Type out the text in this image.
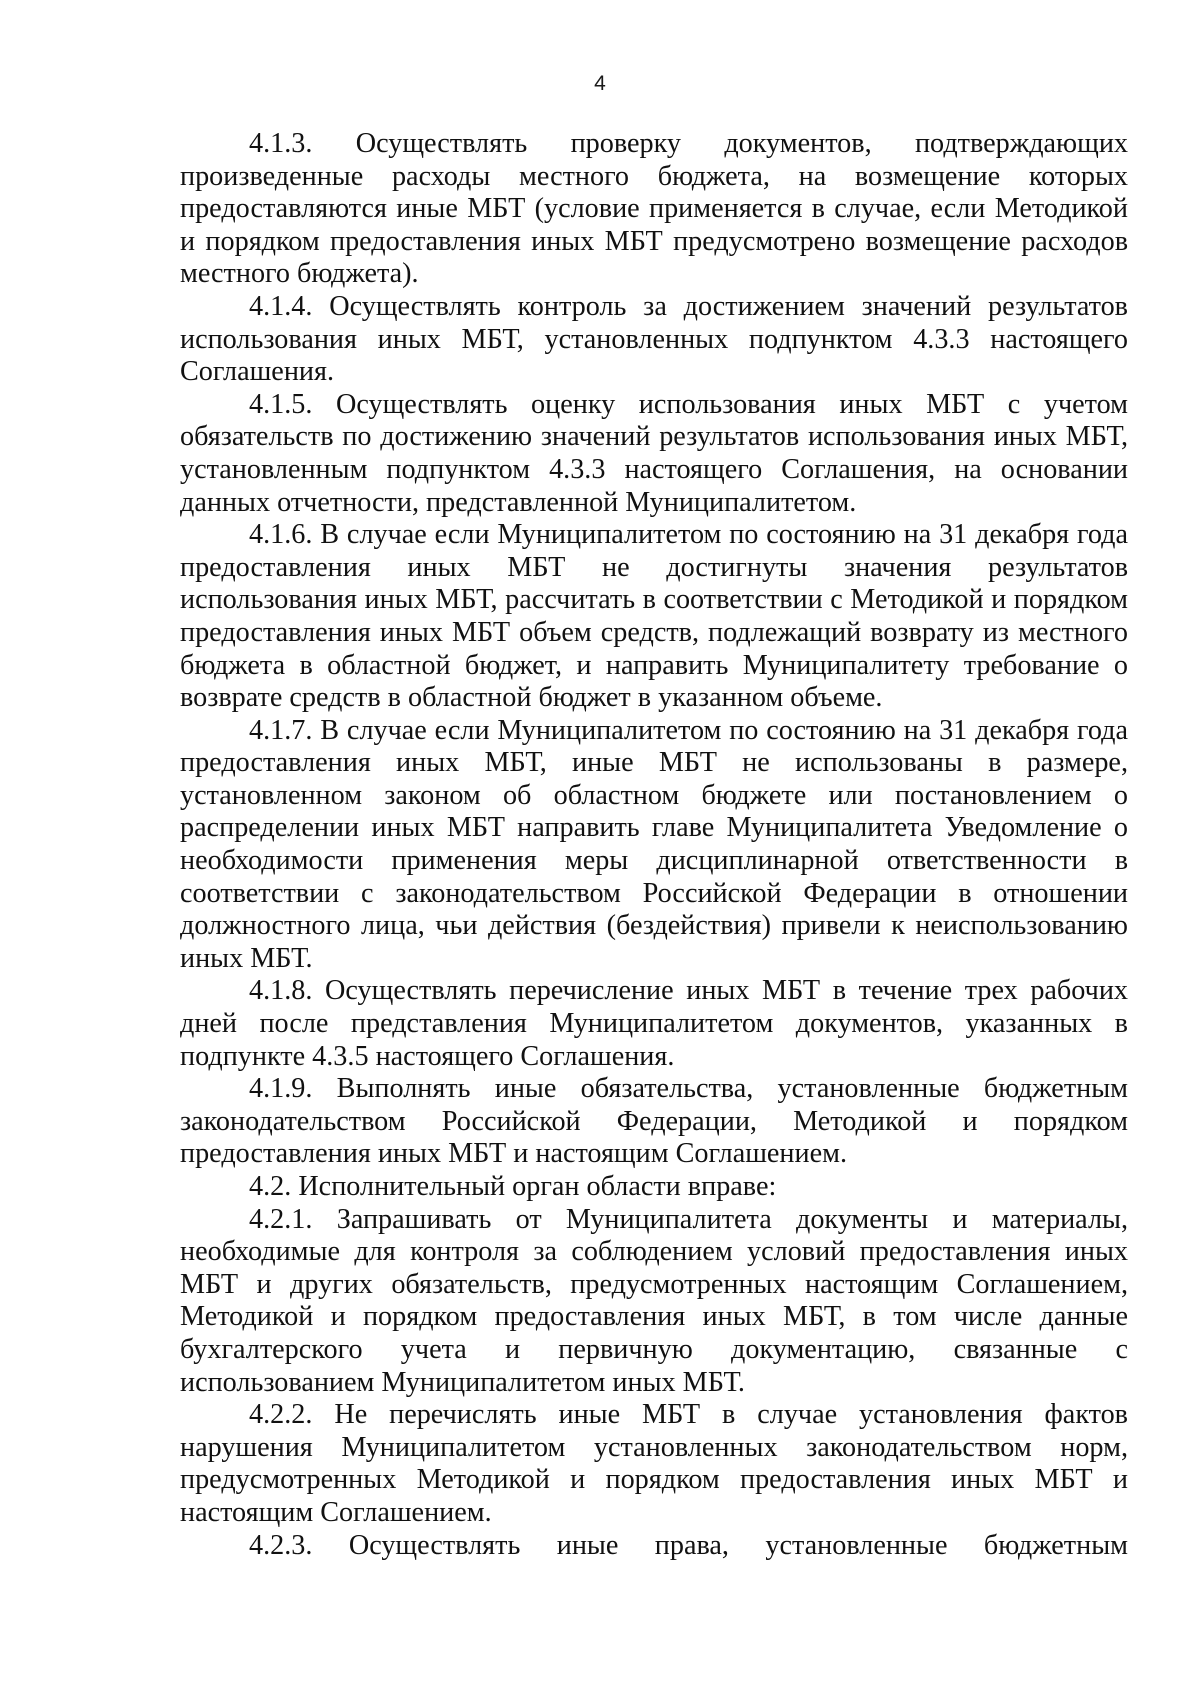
4

4.1.3. Осуществлять проверку документов, подтверждающих произведенные расходы местного бюджета, на возмещение которых предоставляются иные МБТ (условие применяется в случае, если Методикой и порядком предоставления иных МБТ предусмотрено возмещение расходов местного бюджета).

4.1.4. Осуществлять контроль за достижением значений результатов использования иных МБТ, установленных подпунктом 4.3.3 настоящего Соглашения.

4.1.5. Осуществлять оценку использования иных МБТ с учетом обязательств по достижению значений результатов использования иных МБТ, установленным подпунктом 4.3.3 настоящего Соглашения, на основании данных отчетности, представленной Муниципалитетом.

4.1.6. В случае если Муниципалитетом по состоянию на 31 декабря года предоставления иных МБТ не достигнуты значения результатов использования иных МБТ, рассчитать в соответствии с Методикой и порядком предоставления иных МБТ объем средств, подлежащий возврату из местного бюджета в областной бюджет, и направить Муниципалитету требование о возврате средств в областной бюджет в указанном объеме.

4.1.7. В случае если Муниципалитетом по состоянию на 31 декабря года предоставления иных МБТ, иные МБТ не использованы в размере, установленном законом об областном бюджете или постановлением о распределении иных МБТ направить главе Муниципалитета Уведомление о необходимости применения меры дисциплинарной ответственности в соответствии с законодательством Российской Федерации в отношении должностного лица, чьи действия (бездействия) привели к неиспользованию иных МБТ.

4.1.8. Осуществлять перечисление иных МБТ в течение трех рабочих дней после представления Муниципалитетом документов, указанных в подпункте 4.3.5 настоящего Соглашения.

4.1.9. Выполнять иные обязательства, установленные бюджетным законодательством Российской Федерации, Методикой и порядком предоставления иных МБТ и настоящим Соглашением.

4.2. Исполнительный орган области вправе:

4.2.1. Запрашивать от Муниципалитета документы и материалы, необходимые для контроля за соблюдением условий предоставления иных МБТ и других обязательств, предусмотренных настоящим Соглашением, Методикой и порядком предоставления иных МБТ, в том числе данные бухгалтерского учета и первичную документацию, связанные с использованием Муниципалитетом иных МБТ.

4.2.2. Не перечислять иные МБТ в случае установления фактов нарушения Муниципалитетом установленных законодательством норм, предусмотренных Методикой и порядком предоставления иных МБТ и настоящим Соглашением.

4.2.3. Осуществлять иные права, установленные бюджетным
